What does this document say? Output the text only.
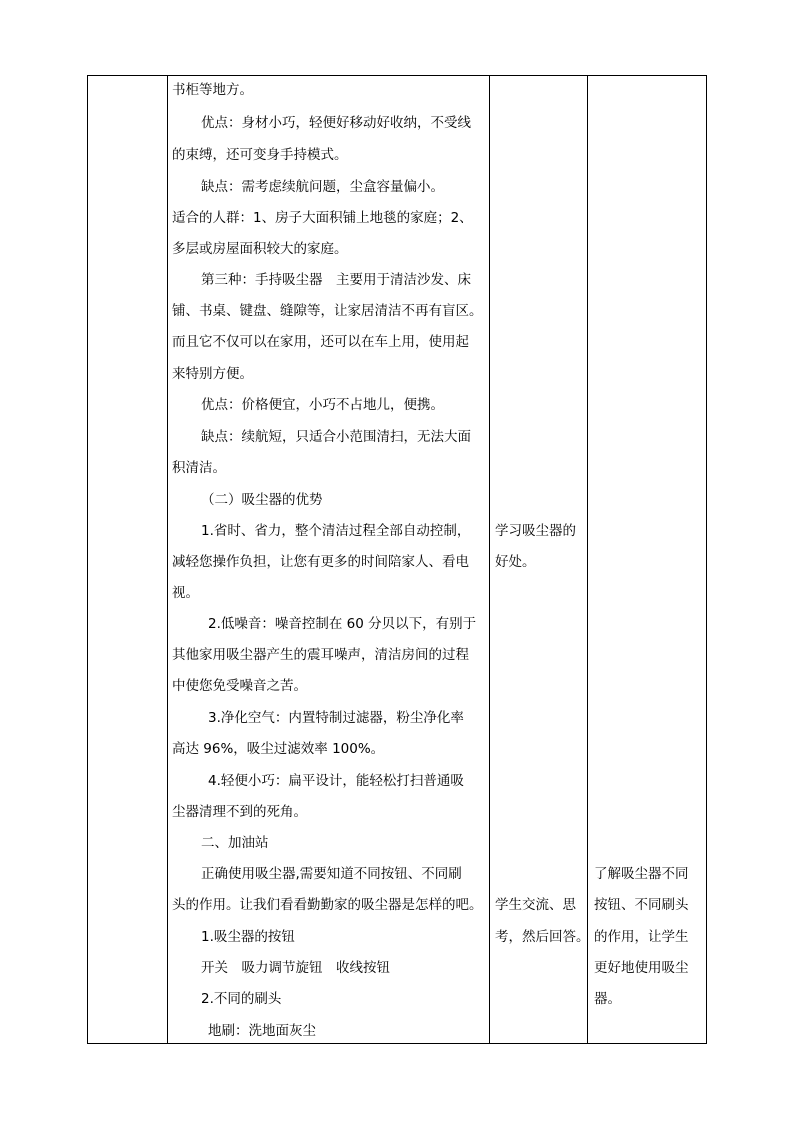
书柜等地方。
优点：身材小巧，轻便好移动好收纳，不受线
的束缚，还可变身手持模式。
缺点：需考虑续航问题，尘盒容量偏小。
适合的人群：1、房子大面积铺上地毯的家庭；2、
多层或房屋面积较大的家庭。
第三种：手持吸尘器　主要用于清洁沙发、床
铺、书桌、键盘、缝隙等，让家居清洁不再有盲区。
而且它不仅可以在家用，还可以在车上用，使用起
来特别方便。
优点：价格便宜，小巧不占地儿，便携。
缺点：续航短，只适合小范围清扫，无法大面
积清洁。
（二）吸尘器的优势
1.省时、省力，整个清洁过程全部自动控制，
减轻您操作负担，让您有更多的时间陪家人、看电
视。
2.低噪音：噪音控制在 60 分贝以下，有别于
其他家用吸尘器产生的震耳噪声，清洁房间的过程
中使您免受噪音之苦。
3.净化空气：内置特制过滤器，粉尘净化率
高达 96%，吸尘过滤效率 100%。
4.轻便小巧：扁平设计，能轻松打扫普通吸
尘器清理不到的死角。
二、加油站
正确使用吸尘器,需要知道不同按钮、不同刷
头的作用。让我们看看勤勤家的吸尘器是怎样的吧。
1.吸尘器的按钮
开关　吸力调节旋钮　收线按钮
2.不同的刷头
地刷：洗地面灰尘
学习吸尘器的
好处。
学生交流、思
考，然后回答。
了解吸尘器不同
按钮、不同刷头
的作用，让学生
更好地使用吸尘
器。
